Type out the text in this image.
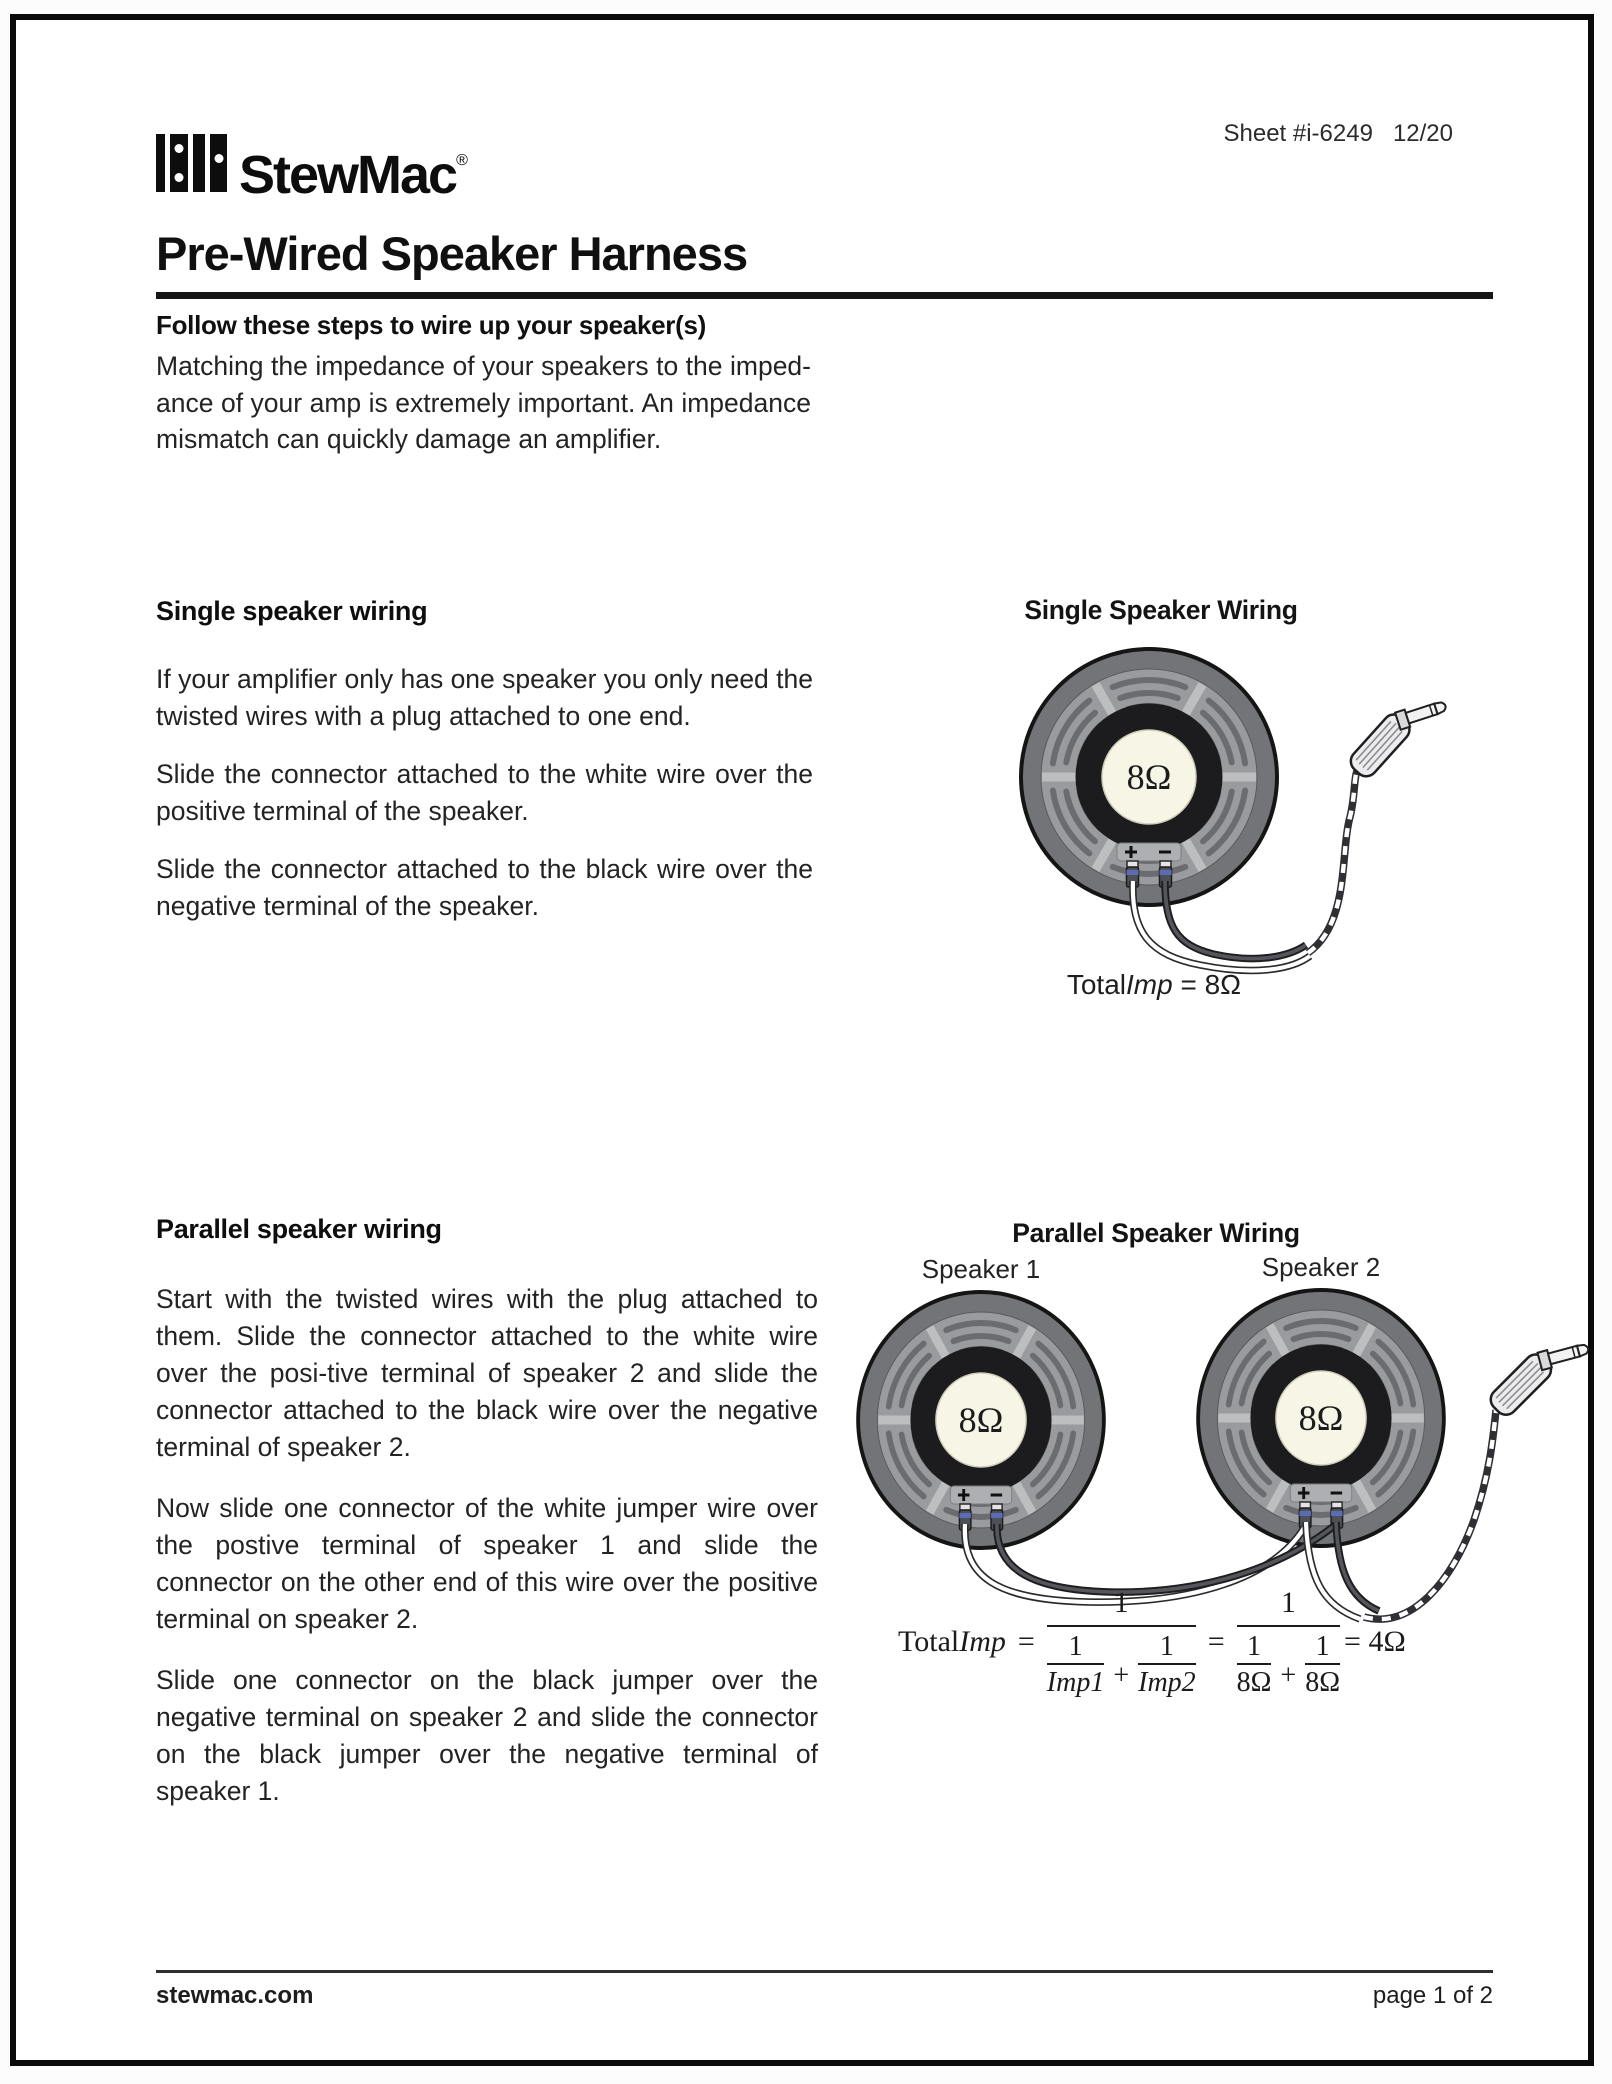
StewMac®
Sheet #i-6249   12/20
Pre-Wired Speaker Harness
Follow these steps to wire up your speaker(s)
Matching the impedance of your speakers to the imped-ance of your amp is extremely important. An impedance mismatch can quickly damage an amplifier.
Single speaker wiring

If your amplifier only has one speaker you only need the twisted wires with a plug attached to one end.

Slide the connector attached to the white wire over the positive terminal of the speaker.

Slide the connector attached to the black wire over the negative terminal of the speaker.

Single Speaker Wiring
8Ω
TotalImp = 8Ω
Parallel speaker wiring

Start with the twisted wires with the plug attached to them. Slide the connector attached to the white wire over the posi-tive terminal of speaker 2 and slide the connector attached to the black wire over the negative terminal of speaker 2.

Now slide one connector of the white jumper wire over the postive terminal of speaker 1 and slide the connector on the other end of this wire over the positive terminal on speaker 2.

Slide one connector on the black jumper over the negative terminal on speaker 2 and slide the connector on the black jumper over the negative terminal of speaker 1.

Parallel Speaker Wiring
Speaker 1	Speaker 2
8Ω	8Ω
Total Imp = 1
1
Imp1 +
1
Imp2 = 1
1
$8\Omega + \frac{1}{8\Omega} = 4\Omega$
stewmac.com	page 1 of 2
